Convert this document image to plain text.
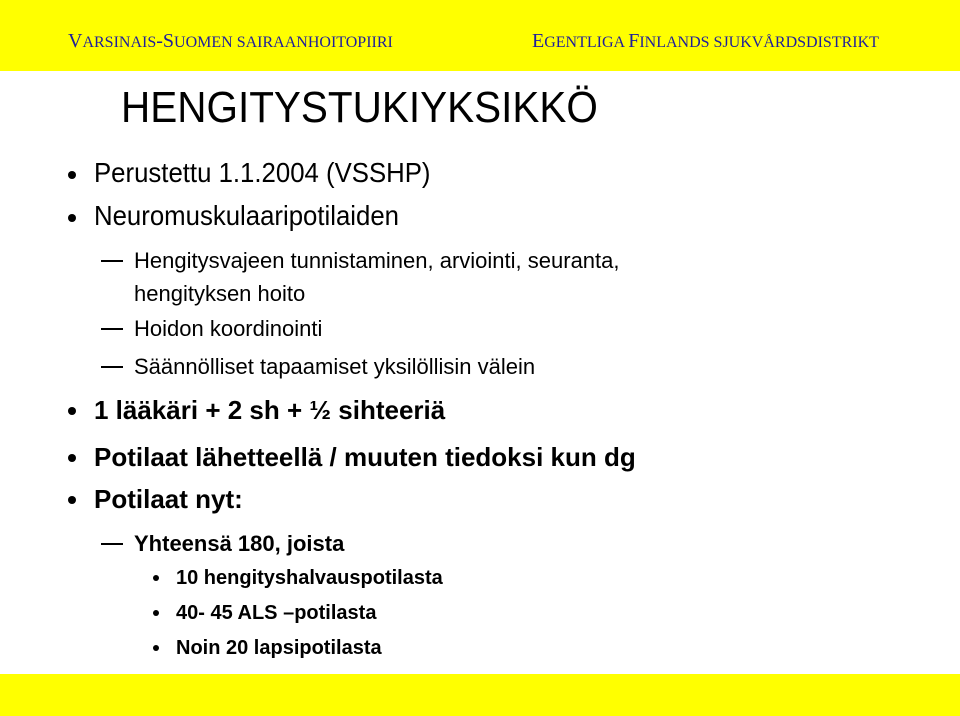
VARSINAIS-SUOMEN SAIRAANHOITOPIIRI	EGENTLIGA FINLANDS SJUKVÅRDSDISTRIKT
HENGITYSTUKIYKSIKKÖ
Perustettu 1.1.2004 (VSSHP)
Neuromuskulaaripotilaiden
Hengitysvajeen tunnistaminen, arviointi, seuranta,
hengityksen hoito
Hoidon koordinointi
Säännölliset tapaamiset yksilöllisin välein
1 lääkäri + 2 sh + ½ sihteeriä
Potilaat lähetteellä / muuten tiedoksi kun dg
Potilaat nyt:
Yhteensä 180, joista
10 hengityshalvauspotilasta
40- 45 ALS –potilasta
Noin 20 lapsipotilasta
